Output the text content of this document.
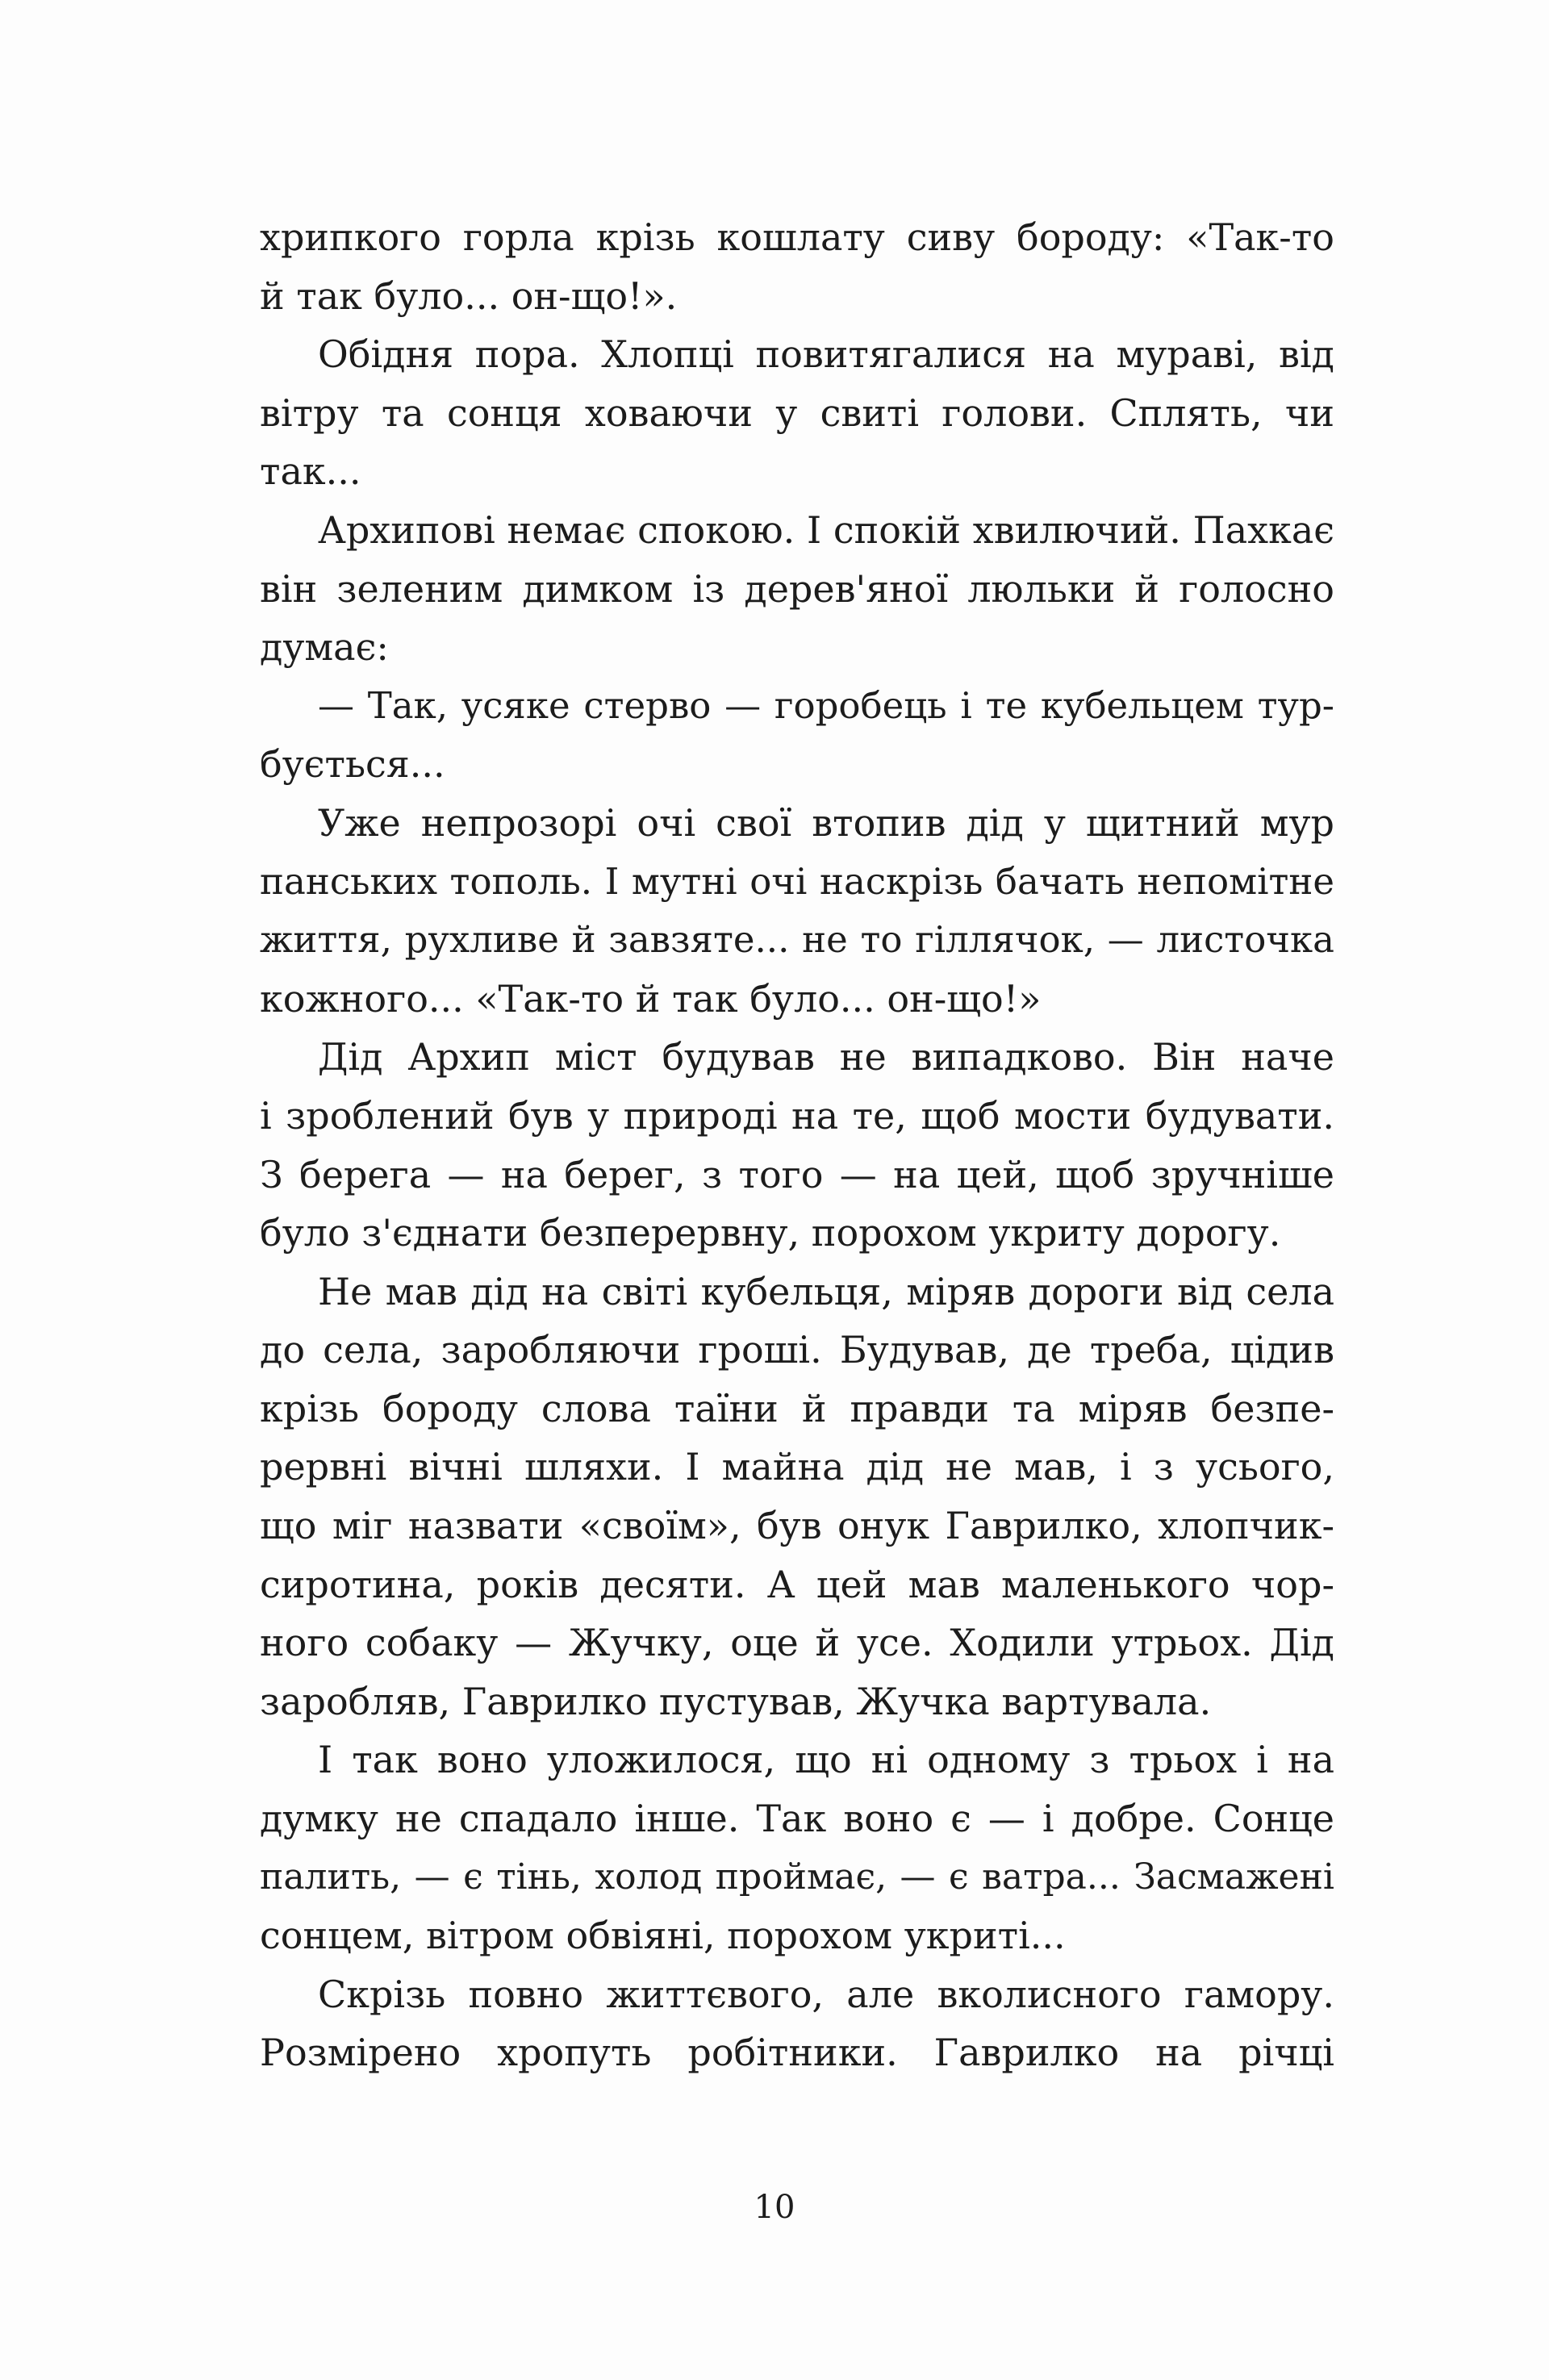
хрипкого горла крізь кошлату сиву бороду: «Так-то
й так було... он-що!».
Обідня пора. Хлопці повитягалися на мураві, від
вітру та сонця ховаючи у свиті голови. Сплять, чи
так...
Архипові немає спокою. І спокій хвилючий. Пахкає
він зеленим димком із дерев'яної люльки й голосно
думає:
— Так, усяке стерво — горобець і те кубельцем тур-
бується...
Уже непрозорі очі свої втопив дід у щитний мур
панських тополь. І мутні очі наскрізь бачать непомітне
життя, рухливе й завзяте... не то гіллячок, — листочка
кожного... «Так-то й так було... он-що!»
Дід Архип міст будував не випадково. Він наче
і зроблений був у природі на те, щоб мости будувати.
З берега — на берег, з того — на цей, щоб зручніше
було з'єднати безперервну, порохом укриту дорогу.
Не мав дід на світі кубельця, міряв дороги від села
до села, заробляючи гроші. Будував, де треба, цідив
крізь бороду слова таїни й правди та міряв безпе-
рервні вічні шляхи. І майна дід не мав, і з усього,
що міг назвати «своїм», був онук Гаврилко, хлопчик-
сиротина, років десяти. А цей мав маленького чор-
ного собаку — Жучку, оце й усе. Ходили утрьох. Дід
заробляв, Гаврилко пустував, Жучка вартувала.
І так воно уложилося, що ні одному з трьох і на
думку не спадало інше. Так воно є — і добре. Сонце
палить, — є тінь, холод проймає, — є ватра... Засмажені
сонцем, вітром обвіяні, порохом укриті...
Скрізь повно життєвого, але вколисного гамору.
Розмірено хропуть робітники. Гаврилко на річці
10
